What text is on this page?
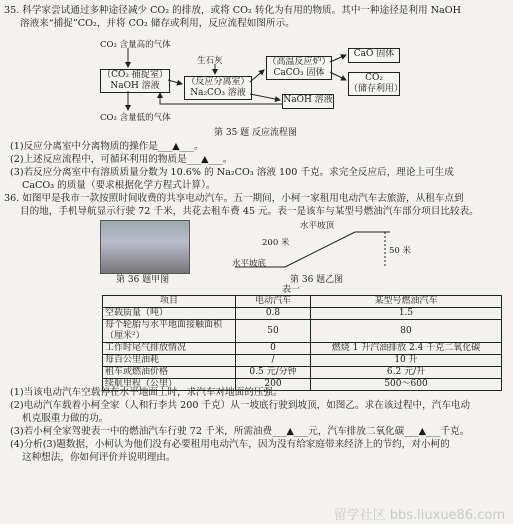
35. 科学家尝试通过多种途径减少 CO₂ 的排放，或将 CO₂ 转化为有用的物质。其中一种途径是利用 NaOH
溶液来“捕捉”CO₂，并将 CO₂ 储存或利用，反应流程如图所示。
CO₂ 含量高的气体
（CO₂ 捕捉室）
NaOH 溶液
生石灰
（反应分离室）
Na₂CO₃ 溶液
（高温反应炉）
CaCO₃ 固体
CaO 固体
CO₂
（储存利用）
NaOH 溶液
CO₂ 含量低的气体
第 35 题 反应流程图
(1)反应分离室中分离物质的操作是___▲___。
(2)上述反应流程中，可循环利用的物质是___▲___。
(3)若反应分离室中有溶质质量分数为 10.6% 的 Na₂CO₃ 溶液 100 千克。求完全反应后，理论上可生成
CaCO₃ 的质量（要求根据化学方程式计算）。
36. 如图甲是我市一款按照时间收费的共享电动汽车。五一期间，小柯一家租用电动汽车去旅游，从租车点到
目的地，手机导航显示行驶 72 千米，共花去租车费 45 元。表一是该车与某型号燃油汽车部分项目比较表。
第 36 题甲图
水平坡顶
水平坡底
200 米
50 米
第 36 题乙图
表一
项目	电动汽车	某型号燃油汽车
空载质量（吨）	0.8	1.5
每个轮胎与水平地面接触面积（厘米²）	50	80
工作时尾气排放情况	0	燃烧 1 升汽油排放 2.4 千克二氧化碳
每百公里油耗	/	10 升
租车或燃油价格	0.5 元/分钟	6.2 元/升
续航里程（公里）	200	500～600
(1)当该电动汽车空载停在水平地面上时，求汽车对地面的压强。
(2)电动汽车载着小柯全家（人和行李共 200 千克）从一坡底行驶到坡顶，如图乙。求在该过程中，汽车电动
机克服重力做的功。
(3)若小柯全家驾驶表一中的燃油汽车行驶 72 千米，所需油费___▲___元，汽车排放二氧化碳___▲___千克。
(4)分析(3)题数据，小柯认为他们没有必要租用电动汽车，因为没有给家庭带来经济上的节约，对小柯的
这种想法，你如何评价并说明理由。
留学社区 bbs.liuxue86.com
